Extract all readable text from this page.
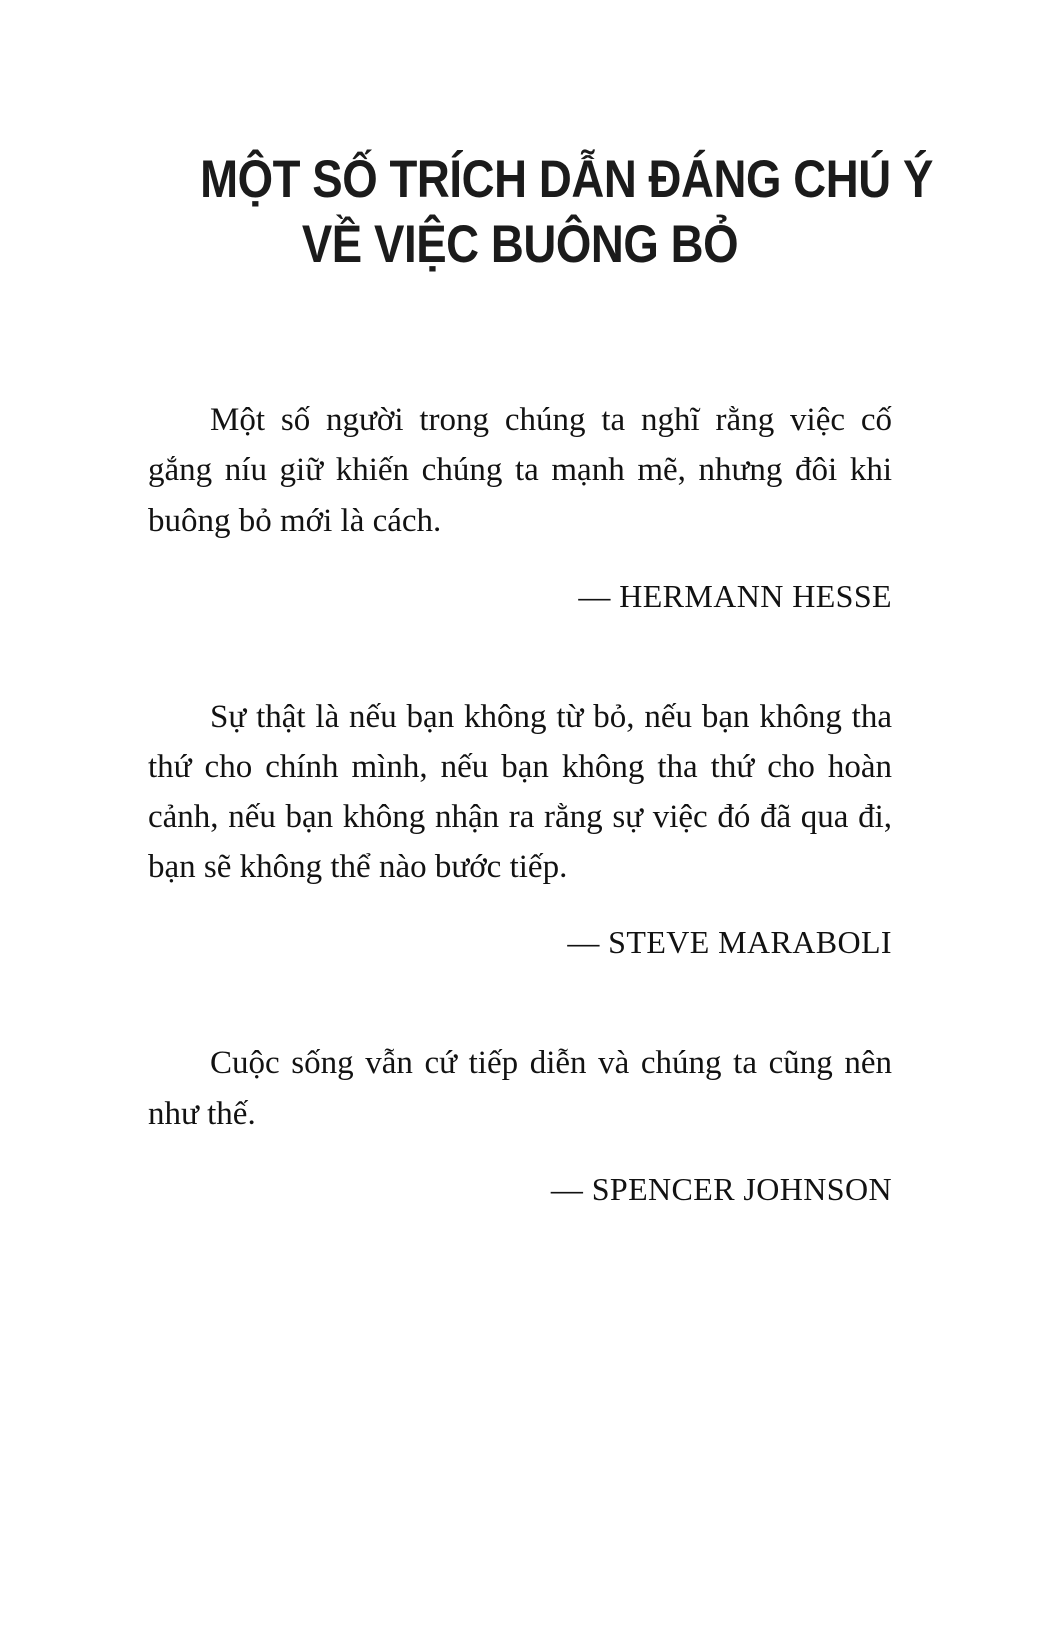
MỘT SỐ TRÍCH DẪN ĐÁNG CHÚ Ý
VỀ VIỆC BUÔNG BỎ

Một số người trong chúng ta nghĩ rằng việc cố gắng níu giữ khiến chúng ta mạnh mẽ, nhưng đôi khi buông bỏ mới là cách.

— HERMANN HESSE

Sự thật là nếu bạn không từ bỏ, nếu bạn không tha thứ cho chính mình, nếu bạn không tha thứ cho hoàn cảnh, nếu bạn không nhận ra rằng sự việc đó đã qua đi, bạn sẽ không thể nào bước tiếp.

— STEVE MARABOLI

Cuộc sống vẫn cứ tiếp diễn và chúng ta cũng nên như thế.

— SPENCER JOHNSON
